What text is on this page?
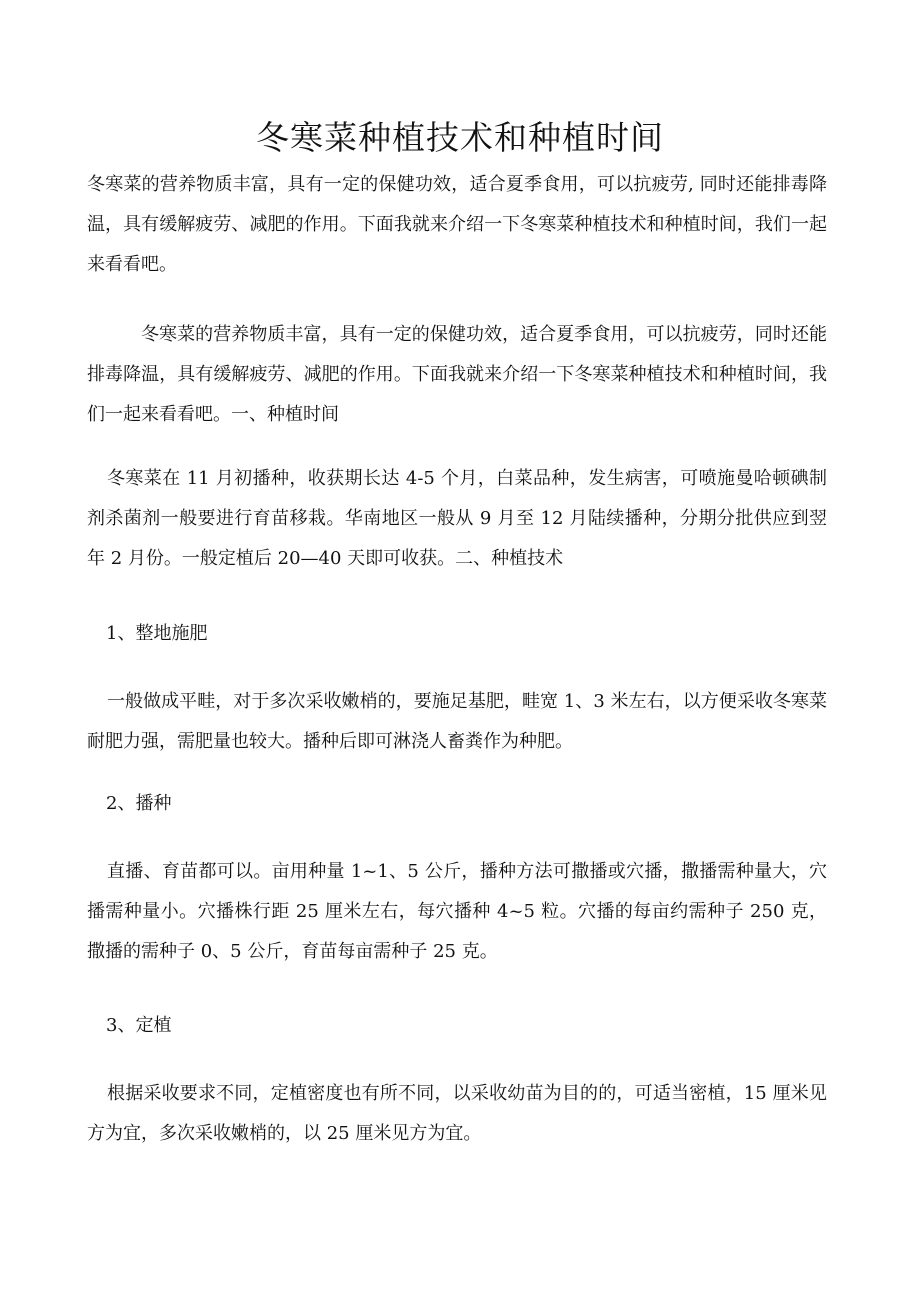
冬寒菜种植技术和种植时间

冬寒菜的营养物质丰富，具有一定的保健功效，适合夏季食用，可以抗疲劳, 同时还能排毒降温，具有缓解疲劳、减肥的作用。下面我就来介绍一下冬寒菜种植技术和种植时间，我们一起来看看吧。

冬寒菜的营养物质丰富，具有一定的保健功效，适合夏季食用，可以抗疲劳，同时还能排毒降温，具有缓解疲劳、减肥的作用。下面我就来介绍一下冬寒菜种植技术和种植时间，我们一起来看看吧。一、种植时间

冬寒菜在 11 月初播种，收获期长达 4-5 个月，白菜品种，发生病害，可喷施曼哈顿碘制剂杀菌剂一般要进行育苗移栽。华南地区一般从 9 月至 12 月陆续播种，分期分批供应到翌年 2 月份。一般定植后 20—40 天即可收获。二、种植技术

1、整地施肥

一般做成平畦，对于多次采收嫩梢的，要施足基肥，畦宽 1、3 米左右，以方便采收冬寒菜耐肥力强，需肥量也较大。播种后即可淋浇人畜粪作为种肥。

2、播种

直播、育苗都可以。亩用种量 1~1、5 公斤，播种方法可撒播或穴播，撒播需种量大，穴播需种量小。穴播株行距 25 厘米左右，每穴播种 4~5 粒。穴播的每亩约需种子 250 克，撒播的需种子 0、5 公斤，育苗每亩需种子 25 克。

3、定植

根据采收要求不同，定植密度也有所不同，以采收幼苗为目的的，可适当密植，15 厘米见方为宜，多次采收嫩梢的，以 25 厘米见方为宜。
